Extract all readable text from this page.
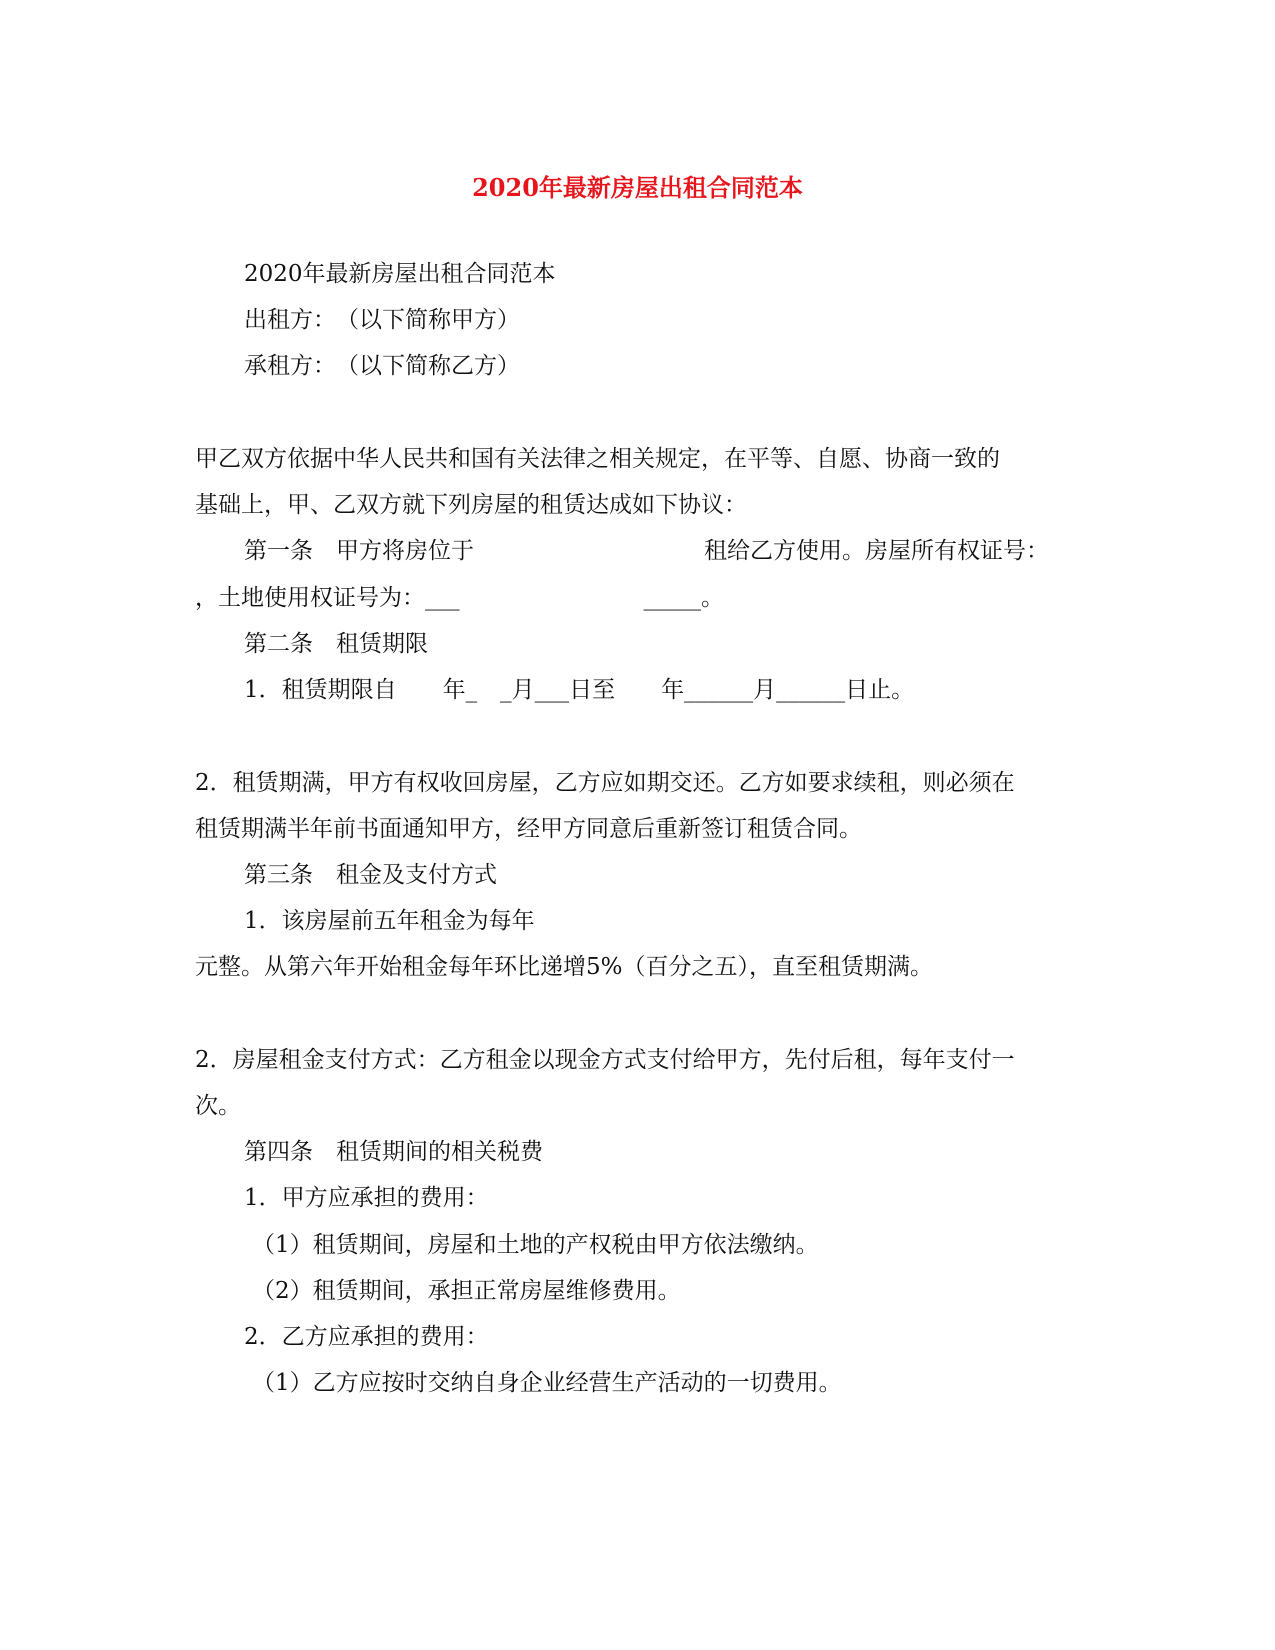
2020年最新房屋出租合同范本
2020年最新房屋出租合同范本
出租方：　（以下简称甲方）
承租方：　（以下简称乙方）
甲乙双方依据中华人民共和国有关法律之相关规定，在平等、自愿、协商一致的
基础上，甲、乙双方就下列房屋的租赁达成如下协议：
第一条　甲方将房位于　　　　　　　　　　租给乙方使用。房屋所有权证号：
，土地使用权证号为：___　　　　　　　　_____。
第二条　租赁期限
1．租赁期限自　　年_　_月___日至　　年______月______日止。
2．租赁期满，甲方有权收回房屋，乙方应如期交还。乙方如要求续租，则必须在
租赁期满半年前书面通知甲方，经甲方同意后重新签订租赁合同。
第三条　租金及支付方式
1．该房屋前五年租金为每年
元整。从第六年开始租金每年环比递增5%（百分之五），直至租赁期满。
2．房屋租金支付方式：乙方租金以现金方式支付给甲方，先付后租，每年支付一
次。
第四条　租赁期间的相关税费
1．甲方应承担的费用：
（1）租赁期间，房屋和土地的产权税由甲方依法缴纳。
（2）租赁期间，承担正常房屋维修费用。
2．乙方应承担的费用：
（1）乙方应按时交纳自身企业经营生产活动的一切费用。
